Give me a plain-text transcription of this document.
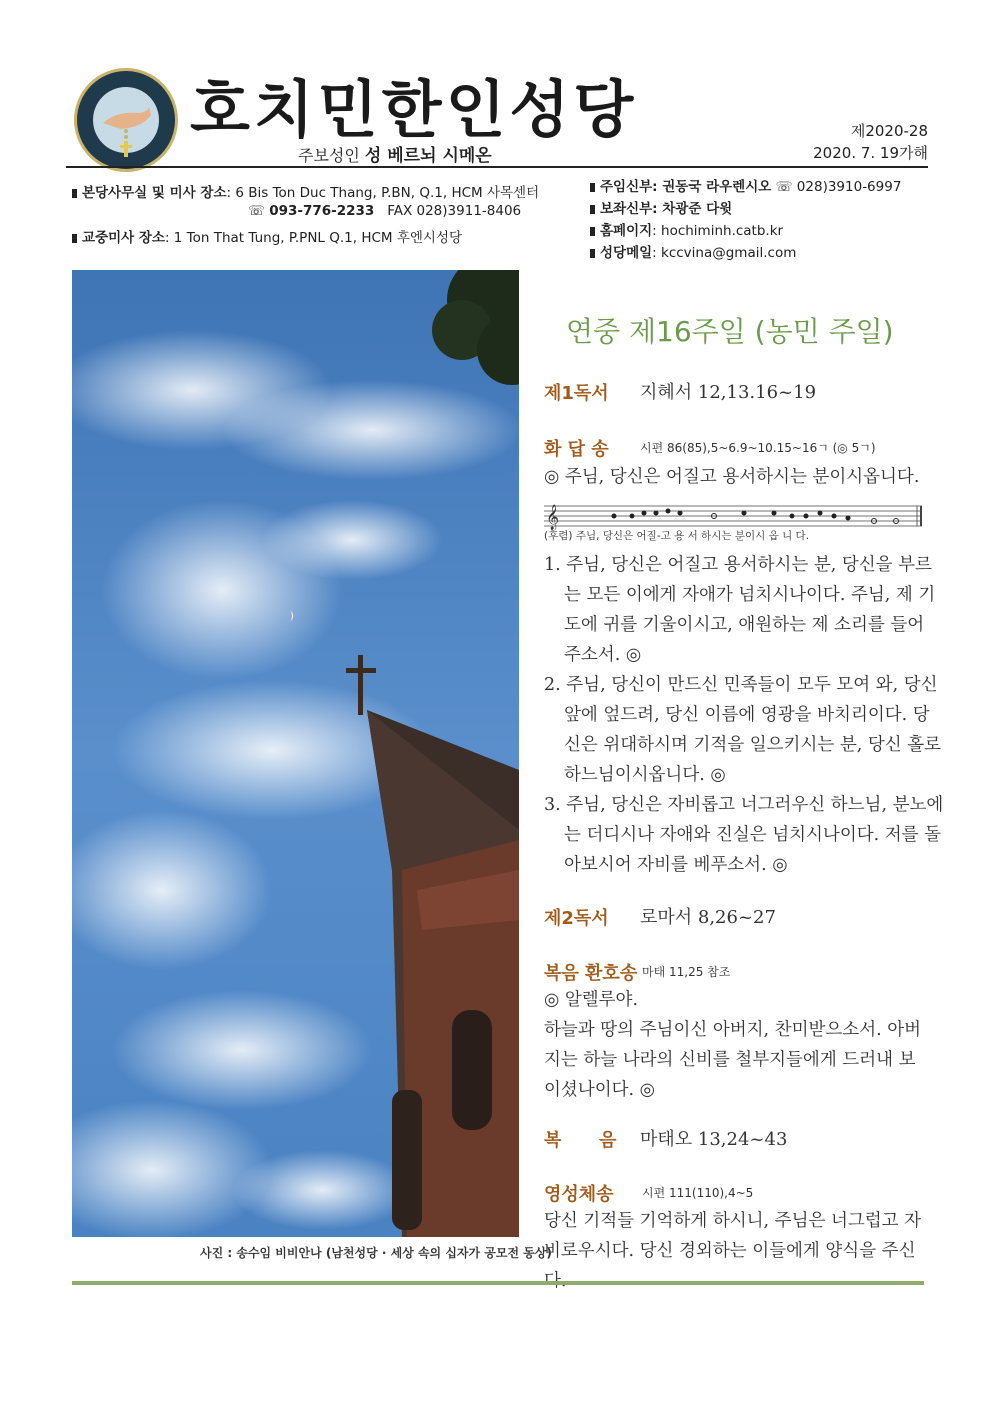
호치민한인성당
주보성인 성 베르뇌 시메온
제2020-28
2020. 7. 19가해
본당사무실 및 미사 장소: 6 Bis Ton Duc Thang, P.BN, Q.1, HCM 사목센터
☏ 093-776-2233 FAX 028)3911-8406
교중미사 장소: 1 Ton That Tung, P.PNL Q.1, HCM 후엔시성당
주임신부: 권동국 라우렌시오 ☏ 028)3910-6997
보좌신부: 차광준 다윗
홈페이지: hochiminh.catb.kr
성당메일: kccvina@gmail.com
사진 : 송수임 비비안나 (남천성당 · 세상 속의 십자가 공모전 동상)
연중 제16주일 (농민 주일)
제1독서 지혜서 12,13.16~19
화 답 송	시편 86(85),5~6.9~10.15~16ㄱ (◎ 5ㄱ)
◎ 주님, 당신은 어질고 용서하시는 분이시옵니다.
𝄞
(후렴) 주님, 당신은 어질-고 용 서 하시는 분이시 옵 니 다.
1. 주님, 당신은 어질고 용서하시는 분, 당신을 부르는 모든 이에게 자애가 넘치시나이다. 주님, 제 기도에 귀를 기울이시고, 애원하는 제 소리를 들어 주소서. ◎
2. 주님, 당신이 만드신 민족들이 모두 모여 와, 당신 앞에 엎드려, 당신 이름에 영광을 바치리이다. 당신은 위대하시며 기적을 일으키시는 분, 당신 홀로 하느님이시옵니다. ◎
3. 주님, 당신은 자비롭고 너그러우신 하느님, 분노에는 더디시나 자애와 진실은 넘치시나이다. 저를 돌아보시어 자비를 베푸소서. ◎
제2독서 로마서 8,26~27
복음 환호송 마태 11,25 참조
◎ 알렐루야.
하늘과 땅의 주님이신 아버지, 찬미받으소서. 아버지는 하늘 나라의 신비를 철부지들에게 드러내 보이셨나이다. ◎
복      음 마태오 13,24~43
영성체송 시편 111(110),4~5
당신 기적들 기억하게 하시니, 주님은 너그럽고 자비로우시다. 당신 경외하는 이들에게 양식을 주신
